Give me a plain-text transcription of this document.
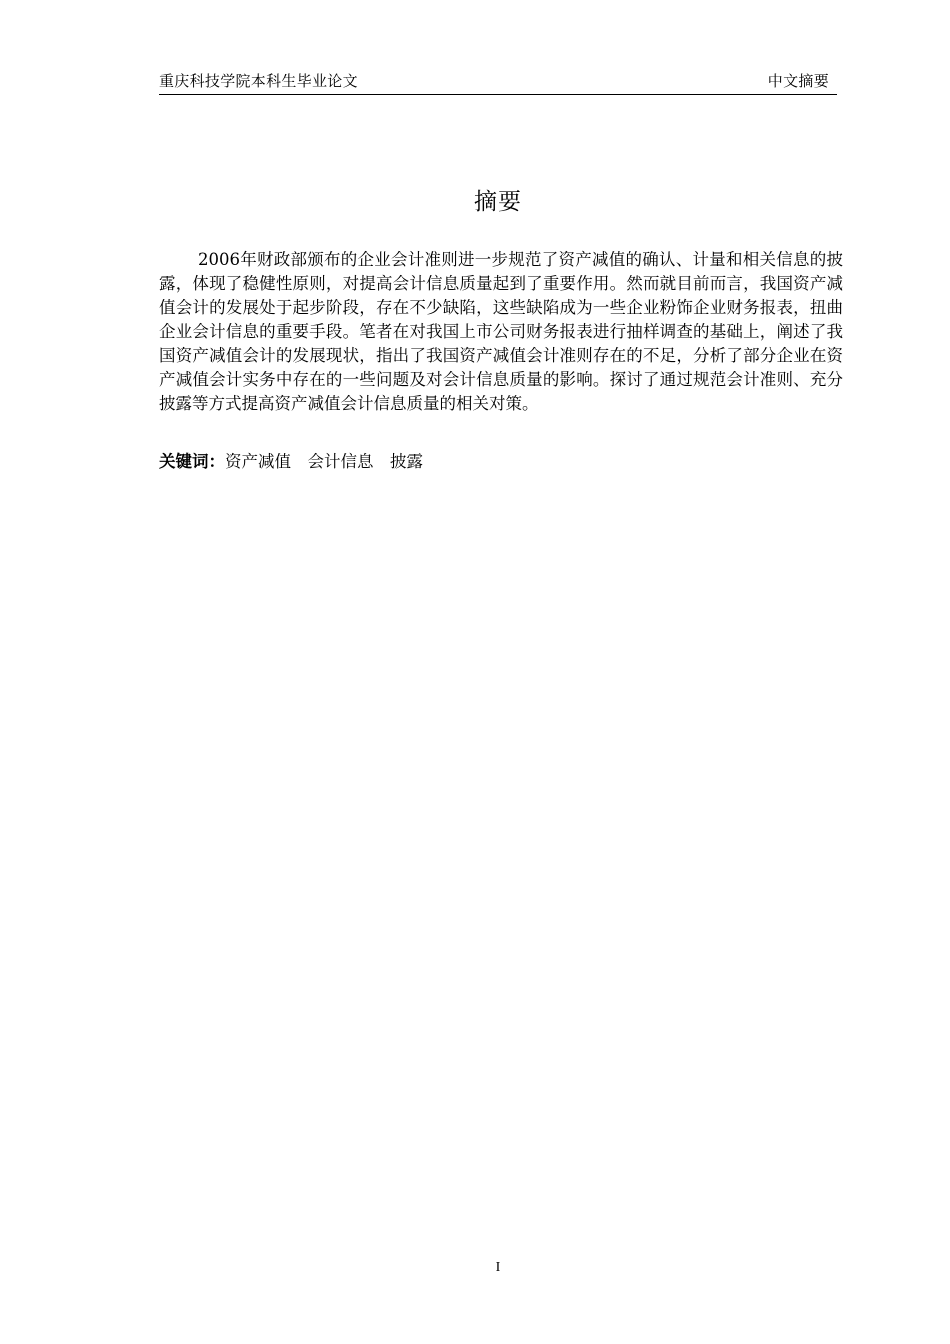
重庆科技学院本科生毕业论文	中文摘要
摘要

2006年财政部颁布的企业会计准则进一步规范了资产减值的确认、计量和相关信息的披露，体现了稳健性原则，对提高会计信息质量起到了重要作用。然而就目前而言，我国资产减值会计的发展处于起步阶段，存在不少缺陷，这些缺陷成为一些企业粉饰企业财务报表，扭曲企业会计信息的重要手段。笔者在对我国上市公司财务报表进行抽样调查的基础上，阐述了我国资产减值会计的发展现状，指出了我国资产减值会计准则存在的不足，分析了部分企业在资产减值会计实务中存在的一些问题及对会计信息质量的影响。探讨了通过规范会计准则、充分披露等方式提高资产减值会计信息质量的相关对策。

关键词：资产减值　会计信息　披露
I
